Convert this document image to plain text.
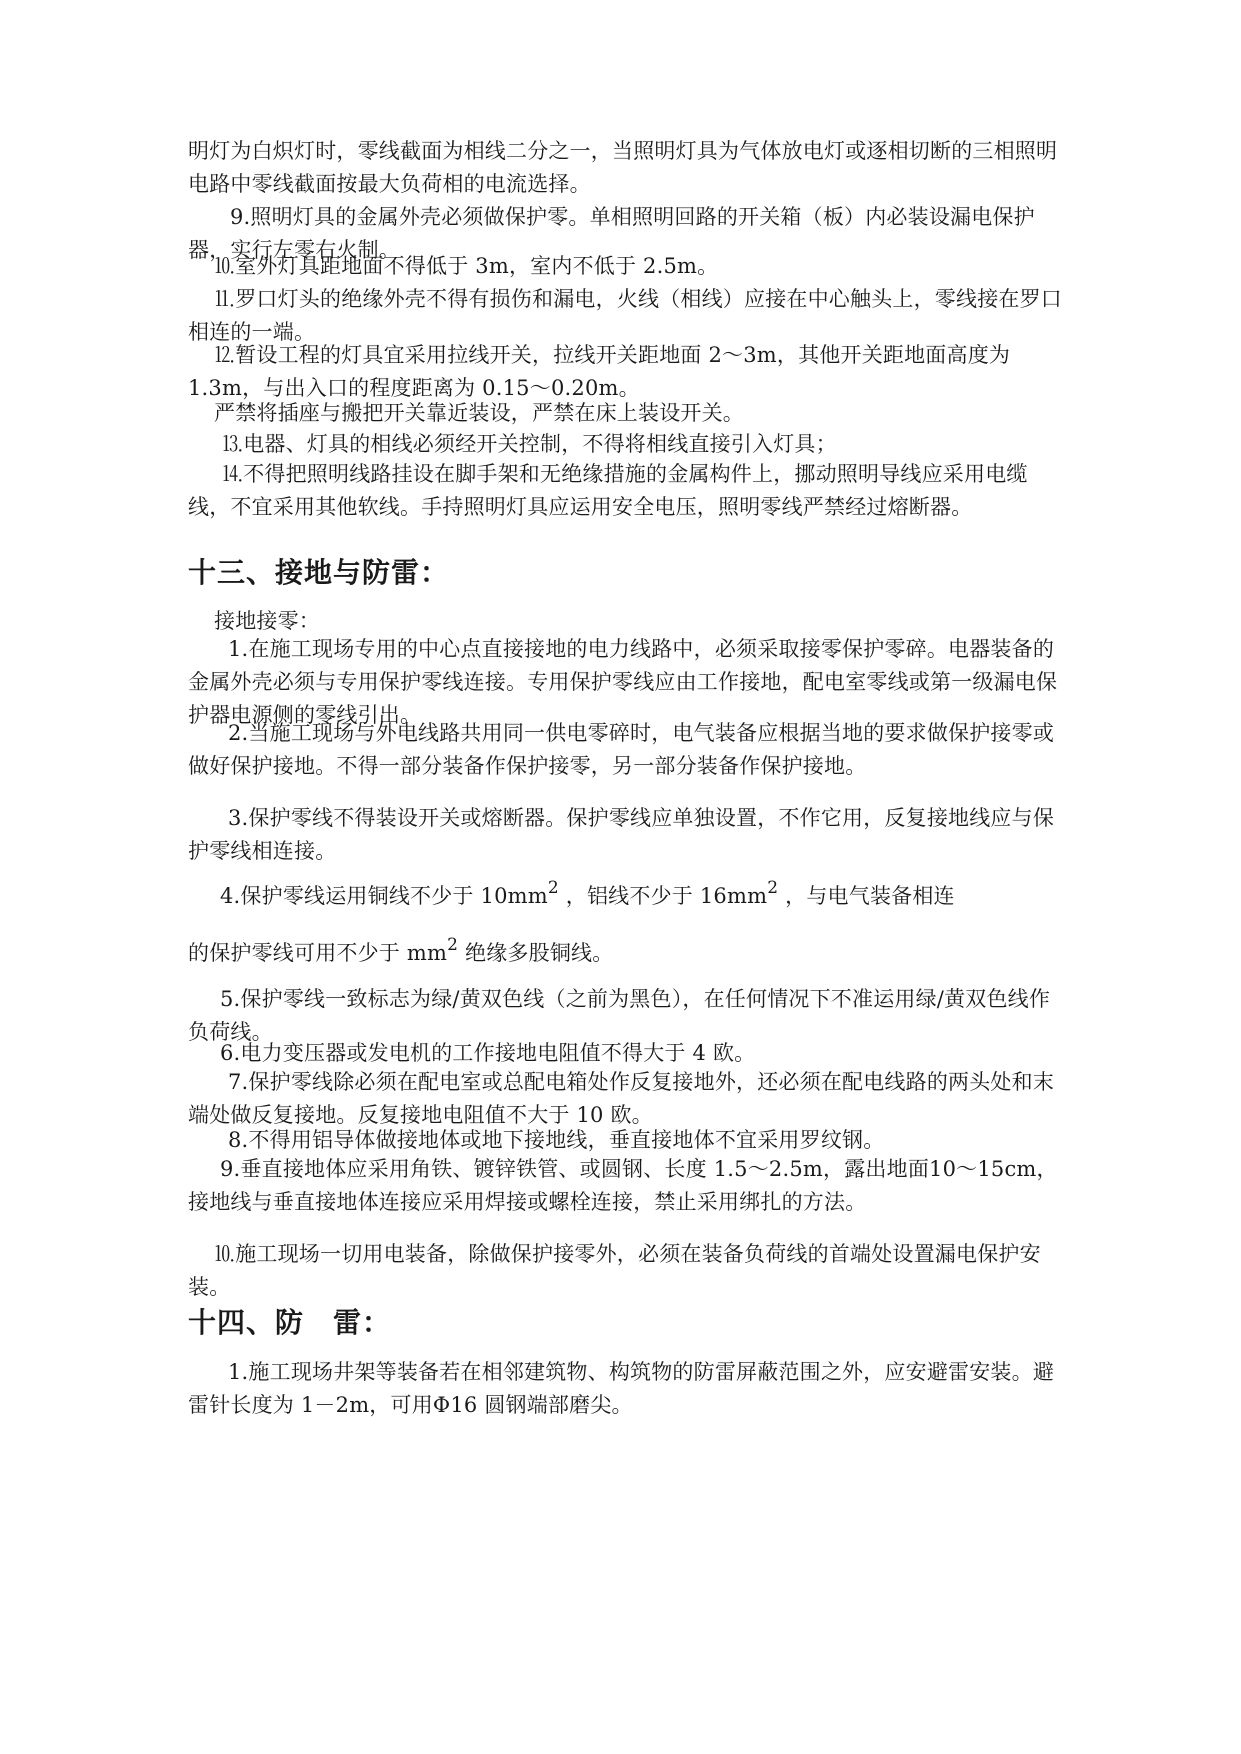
明灯为白炽灯时，零线截面为相线二分之一，当照明灯具为气体放电灯或逐相切断的三相照明电路中零线截面按最大负荷相的电流选择。

9.照明灯具的金属外壳必须做保护零。单相照明回路的开关箱（板）内必装设漏电保护器，实行左零右火制。

⒑室外灯具距地面不得低于 3m，室内不低于 2.5m。

⒒罗口灯头的绝缘外壳不得有损伤和漏电，火线（相线）应接在中心触头上，零线接在罗口相连的一端。

⒓暂设工程的灯具宜采用拉线开关，拉线开关距地面 2～3m，其他开关距地面高度为 1.3m，与出入口的程度距离为 0.15～0.20m。

严禁将插座与搬把开关靠近装设，严禁在床上装设开关。

⒔电器、灯具的相线必须经开关控制，不得将相线直接引入灯具；

⒕不得把照明线路挂设在脚手架和无绝缘措施的金属构件上，挪动照明导线应采用电缆线，不宜采用其他软线。手持照明灯具应运用安全电压，照明零线严禁经过熔断器。

十三、接地与防雷：

接地接零：

1.在施工现场专用的中心点直接接地的电力线路中，必须采取接零保护零碎。电器装备的金属外壳必须与专用保护零线连接。专用保护零线应由工作接地，配电室零线或第一级漏电保护器电源侧的零线引出。

2.当施工现场与外电线路共用同一供电零碎时，电气装备应根据当地的要求做保护接零或做好保护接地。不得一部分装备作保护接零，另一部分装备作保护接地。

3.保护零线不得装设开关或熔断器。保护零线应单独设置，不作它用，反复接地线应与保护零线相连接。

4.保护零线运用铜线不少于 $10mm^2$ ，铝线不少于 $16mm^2$ ，与电气装备相连

的保护零线可用不少于 $mm^2$ 绝缘多股铜线。

5.保护零线一致标志为绿/黄双色线（之前为黑色），在任何情况下不准运用绿/黄双色线作负荷线。

6.电力变压器或发电机的工作接地电阻值不得大于 4 欧。

7.保护零线除必须在配电室或总配电箱处作反复接地外，还必须在配电线路的两头处和末端处做反复接地。反复接地电阻值不大于 10 欧。

8.不得用铝导体做接地体或地下接地线，垂直接地体不宜采用罗纹钢。

9.垂直接地体应采用角铁、镀锌铁管、或圆钢、长度 1.5～2.5m，露出地面10～15cm，接地线与垂直接地体连接应采用焊接或螺栓连接，禁止采用绑扎的方法。

⒑施工现场一切用电装备，除做保护接零外，必须在装备负荷线的首端处设置漏电保护安装。

十四、防　雷：

1.施工现场井架等装备若在相邻建筑物、构筑物的防雷屏蔽范围之外，应安避雷安装。避雷针长度为 1－2m，可用Φ16 圆钢端部磨尖。
